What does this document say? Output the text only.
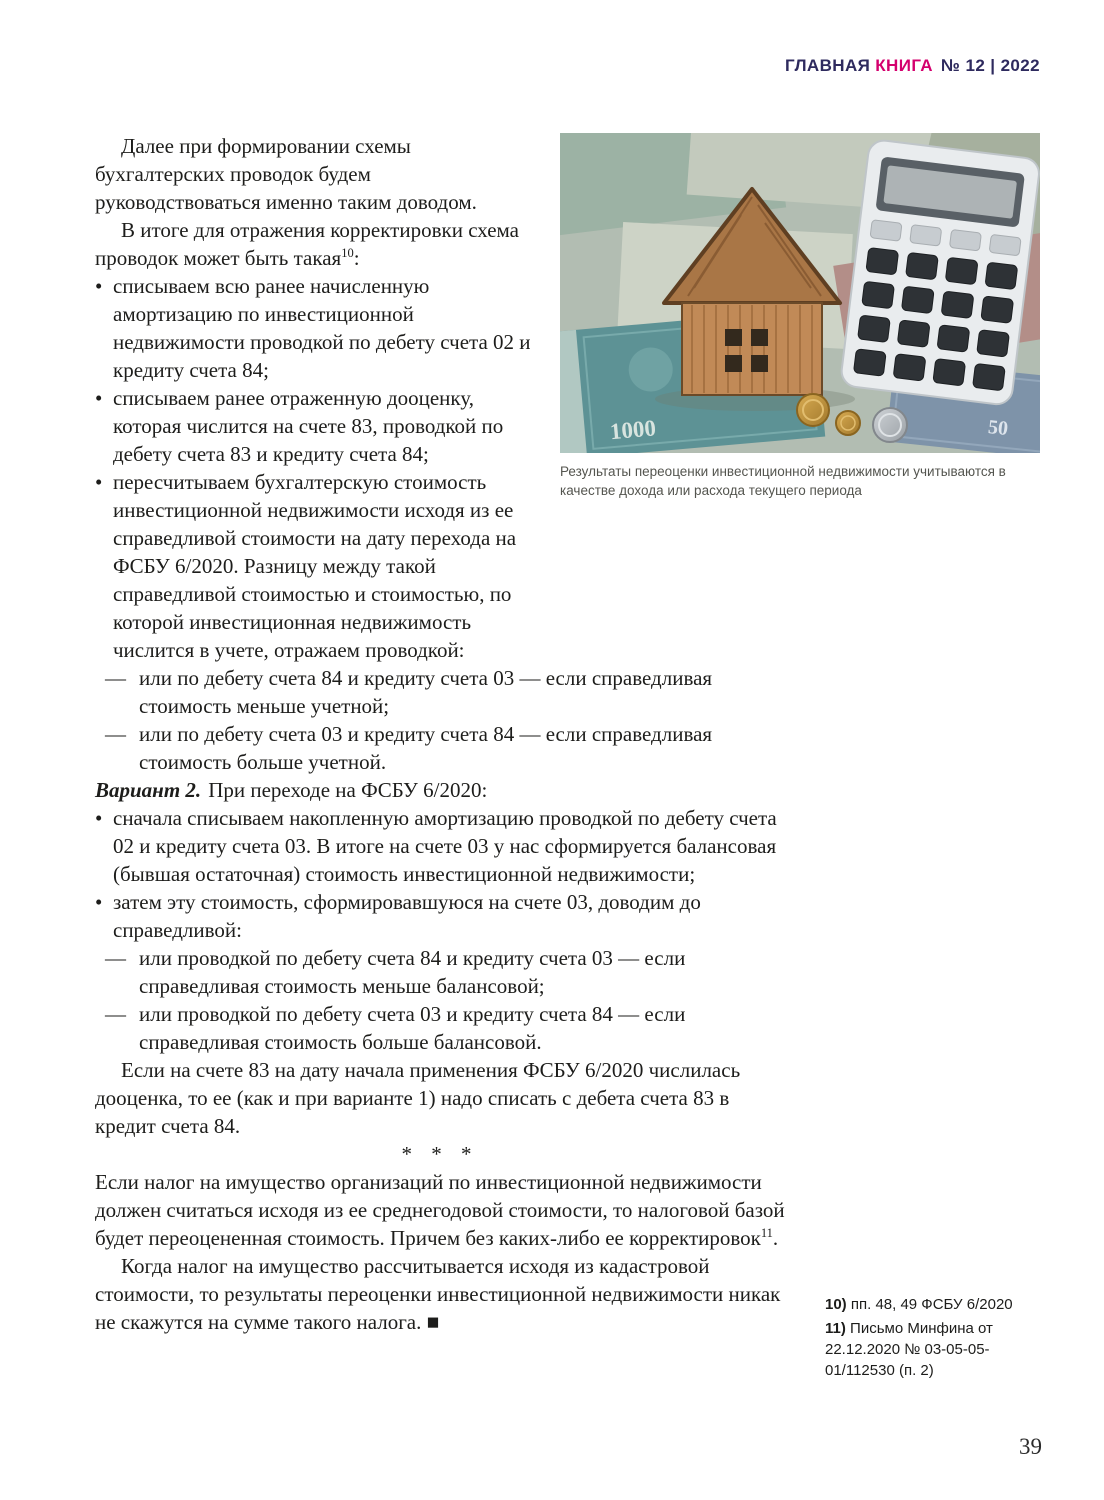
ГЛАВНАЯ КНИГА № 12 | 2022
50
1000
Результаты переоценки инвестиционной недвижимости учитываются в качестве дохода или расхода текущего периода

Далее при формировании схемы бухгалтерских проводок будем руководствоваться именно таким доводом.

В итоге для отражения корректировки схема проводок может быть такая$^{10}$:

• списываем всю ранее начисленную амортизацию по инвестиционной недвижимости проводкой по дебету счета 02 и кредиту счета 84;
• списываем ранее отраженную дооценку, которая числится на счете 83, проводкой по дебету счета 83 и кредиту счета 84;
• пересчитываем бухгалтерскую стоимость инвестиционной недвижимости исходя из ее справедливой стоимости на дату перехода на ФСБУ 6/2020. Разницу между такой справедливой стоимостью и стоимостью, по которой инвестиционная недвижимость числится в учете, отражаем проводкой:
— или по дебету счета 84 и кредиту счета 03 — если справедливая стоимость меньше учетной;
— или по дебету счета 03 и кредиту счета 84 — если справедливая стоимость больше учетной.

Вариант 2. При переходе на ФСБУ 6/2020:

• сначала списываем накопленную амортизацию проводкой по дебету счета 02 и кредиту счета 03. В итоге на счете 03 у нас сформируется балансовая (бывшая остаточная) стоимость инвестиционной недвижимости;
• затем эту стоимость, сформировавшуюся на счете 03, доводим до справедливой:
— или проводкой по дебету счета 84 и кредиту счета 03 — если справедливая стоимость меньше балансовой;
— или проводкой по дебету счета 03 и кредиту счета 84 — если справедливая стоимость больше балансовой.

Если на счете 83 на дату начала применения ФСБУ 6/2020 числилась дооценка, то ее (как и при варианте 1) надо списать с дебета счета 83 в кредит счета 84.

* * *

Если налог на имущество организаций по инвестиционной недвижимости должен считаться исходя из ее среднегодовой стоимости, то налоговой базой будет переоцененная стоимость. Причем без каких-либо ее корректировок$^{11}$.

Когда налог на имущество рассчитывается исходя из кадастровой стоимости, то результаты переоценки инвестиционной недвижимости никак не скажутся на сумме такого налога. ■

10) пп. 48, 49 ФСБУ 6/2020

11) Письмо Минфина от 22.12.2020 № 03-05-05-01/112530 (п. 2)

39
